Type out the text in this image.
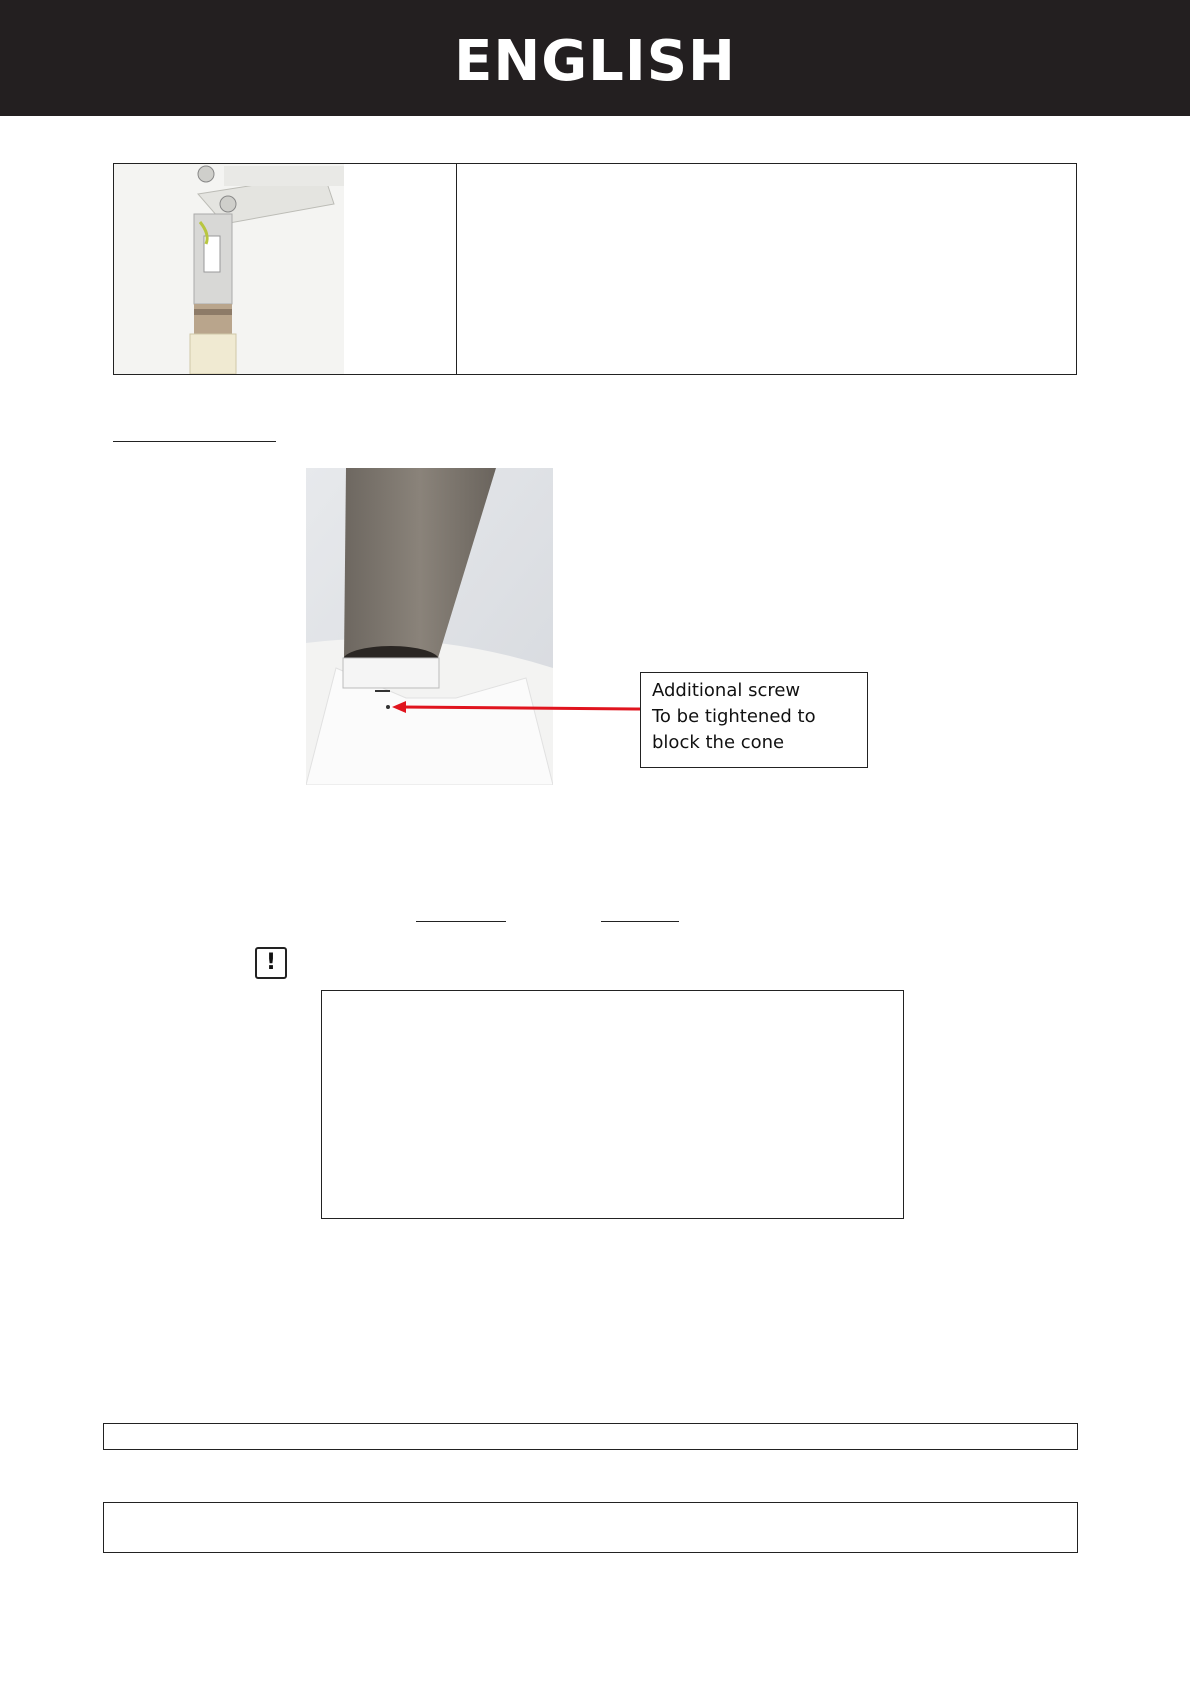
ENGLISH
Additional screw
To be tightened to
block the cone
!
